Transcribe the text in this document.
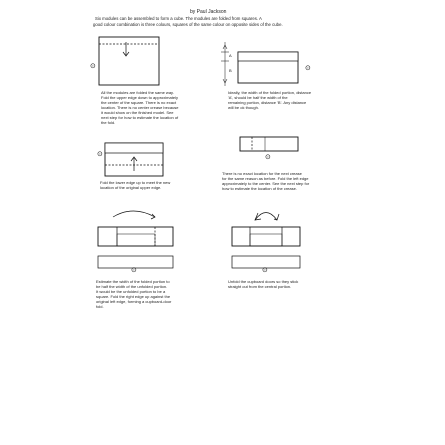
by Paul Jackson
Six modules can be assembled to form a cube. The modules are folded from squares. A
good colour combination is three colours, squares of the same colour on opposite sides of the cube.
⊙	⊙
A
B
All the modules are folded the same way.
Fold the upper edge down to approximately
the center of the square. There is no exact
location. There is no center crease because
it would show on the finished model. See
next step for how to estimate the location of
the fold.
Ideally, the width of the folded portion, distance
'A', should be half the width of the
remaining portion, distance 'B'. Any distance
will be ok though.
⊙	⊙
Fold the lower edge up to meet the new
location of the original upper edge.
There is no exact location for the next crease
for the same reason as before. Fold the left edge
approximately to the center. See the next step for
how to estimate the location of the crease.
⊙	⊙
Estimate the width of the folded portion to
be half the width of the unfolded portion.
It would be the unfolded portion to be a
square. Fold the right edge up against the
original left edge, forming a cupboard-door
fold.
Unfold the cupboard doors so they stick
straight out from the central portion.
